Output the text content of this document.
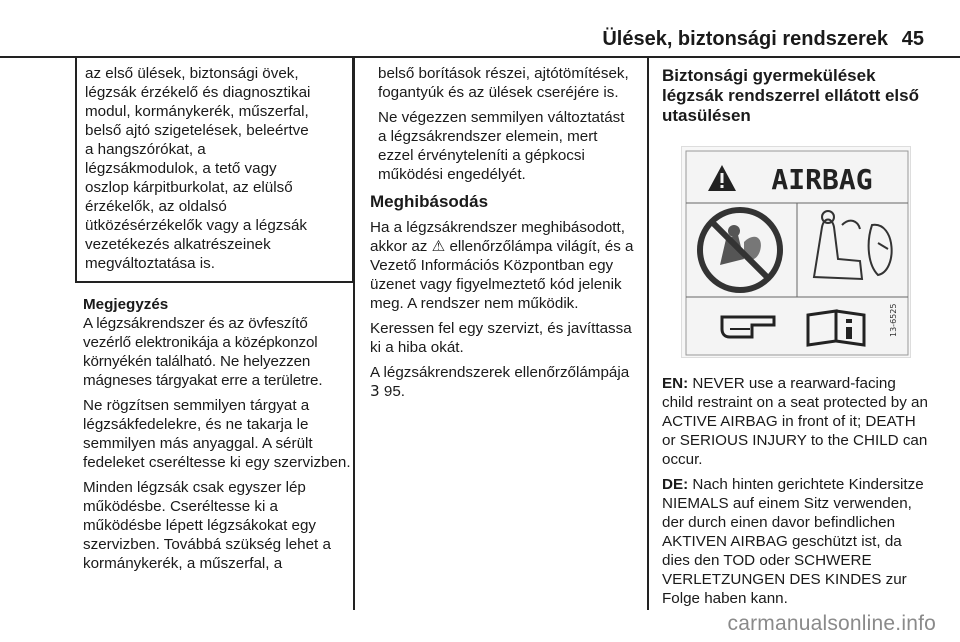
Ülések, biztonsági rendszerek 45

az első ülések, biztonsági övek,
légzsák érzékelő és diagnosztikai
modul, kormánykerék, műszerfal,
belső ajtó szigetelések, beleértve
a hangszórókat, a
légzsákmodulok, a tető vagy
oszlop kárpitburkolat, az elülső
érzékelők, az oldalsó
ütközésérzékelők vagy a légzsák
vezetékezés alkatrészeinek
megváltoztatása is.

Megjegyzés

A légzsákrendszer és az övfeszítő vezérlő elektronikája a középkonzol környékén található. Ne helyezzen mágneses tárgyakat erre a területre.

Ne rögzítsen semmilyen tárgyat a légzsákfedelekre, és ne takarja le semmilyen más anyaggal. A sérült fedeleket cseréltesse ki egy szervizben.

Minden légzsák csak egyszer lép működésbe. Cseréltesse ki a működésbe lépett légzsákokat egy szervizben. Továbbá szükség lehet a kormánykerék, a műszerfal, a

belső borítások részei, ajtótömítések, fogantyúk és az ülések cseréjére is.

Ne végezzen semmilyen változtatást a légzsákrendszer elemein, mert ezzel érvényteleníti a gépkocsi működési engedélyét.

Meghibásodás

Ha a légzsákrendszer meghibásodott, akkor az ⚠ ellenőrzőlámpa világít, és a Vezető Információs Központban egy üzenet vagy figyelmeztető kód jelenik meg. A rendszer nem működik.

Keressen fel egy szervizt, és javíttassa ki a hiba okát.

A légzsákrendszerek ellenőrzőlámpája 3 95.

Biztonsági gyermekülések légzsák rendszerrel ellátott első utasülésen
AIRBAG
13-6525

EN: NEVER use a rearward-facing child restraint on a seat protected by an ACTIVE AIRBAG in front of it; DEATH or SERIOUS INJURY to the CHILD can occur.

DE: Nach hinten gerichtete Kindersitze NIEMALS auf einem Sitz verwenden, der durch einen davor befindlichen AKTIVEN AIRBAG geschützt ist, da dies den TOD oder SCHWERE VERLETZUNGEN DES KINDES zur Folge haben kann.

carmanualsonline.info
